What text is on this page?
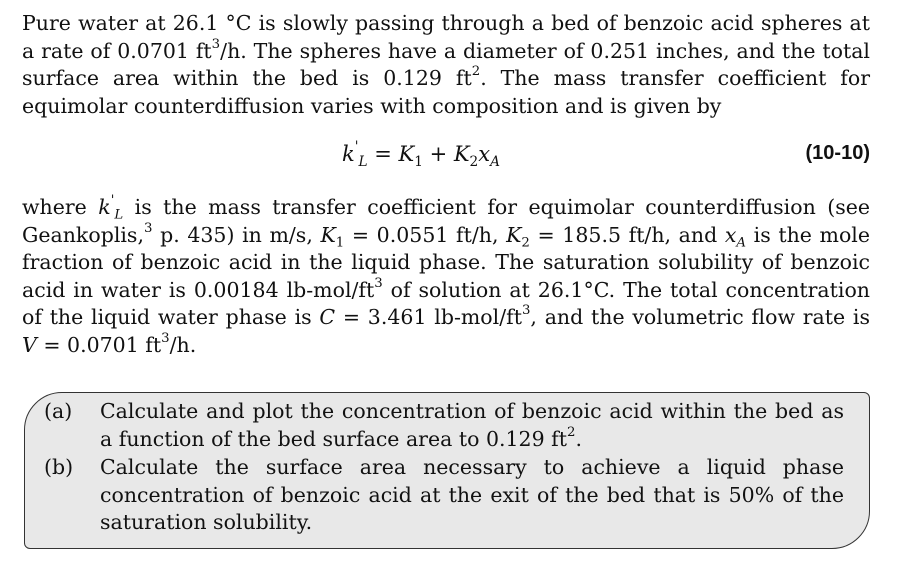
Pure water at 26.1 °C is slowly passing through a bed of benzoic acid spheres at a rate of 0.0701 $ft^3/h$. The spheres have a diameter of 0.251 inches, and the total surface area within the bed is 0.129 $ft^2$. The mass transfer coefficient for equimolar counterdiffusion varies with composition and is given by
$k'_L = K_1 + K_2x_A$	(10-10)
where $k'_L$ is the mass transfer coefficient for equimolar counterdiffusion (see Geankoplis,$^3$ p. 435) in m/s, $K_1 = 0.0551$ ft/h, $K_2 = 185.5$ ft/h, and $x_A$ is the mole fraction of benzoic acid in the liquid phase. The saturation solubility of benzoic acid in water is 0.00184 $lb-mol/ft^3$ of solution at 26.1°C. The total concentration of the liquid water phase is C = 3.461 $lb-mol/ft^3$, and the volumetric flow rate is V = 0.0701 $ft^3/h$.
(a) Calculate and plot the concentration of benzoic acid within the bed as a function of the bed surface area to 0.129 $ft^2$.
(b) Calculate the surface area necessary to achieve a liquid phase concentration of benzoic acid at the exit of the bed that is 50% of the saturation solubility.
